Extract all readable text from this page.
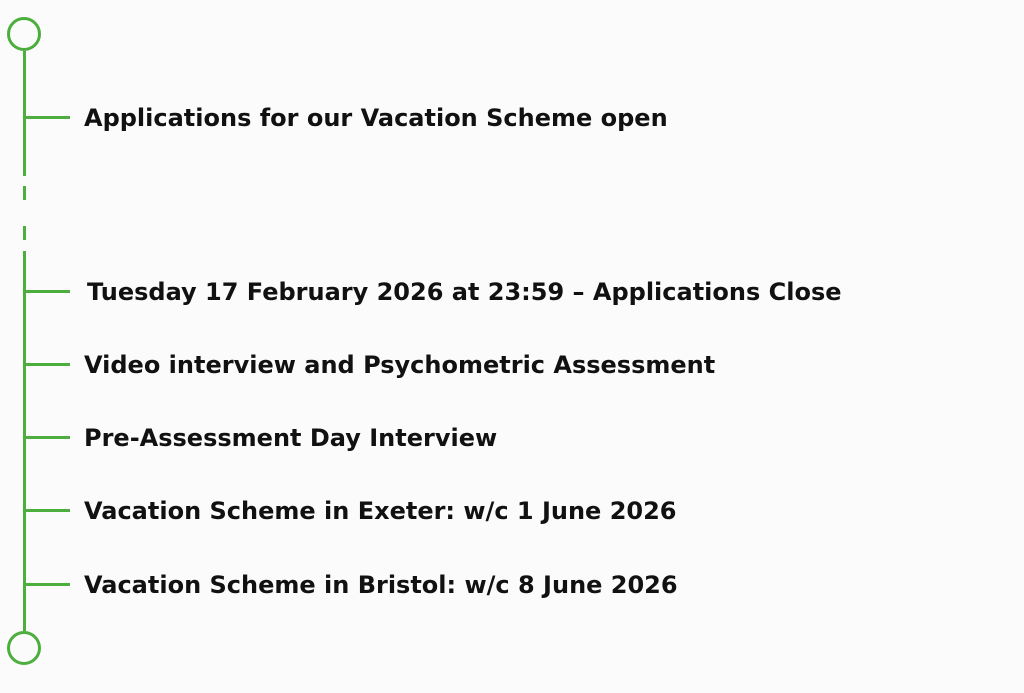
Applications for our Vacation Scheme open
Tuesday 17 February 2026 at 23:59 – Applications Close
Video interview and Psychometric Assessment
Pre-Assessment Day Interview
Vacation Scheme in Exeter: w/c 1 June 2026
Vacation Scheme in Bristol: w/c 8 June 2026
